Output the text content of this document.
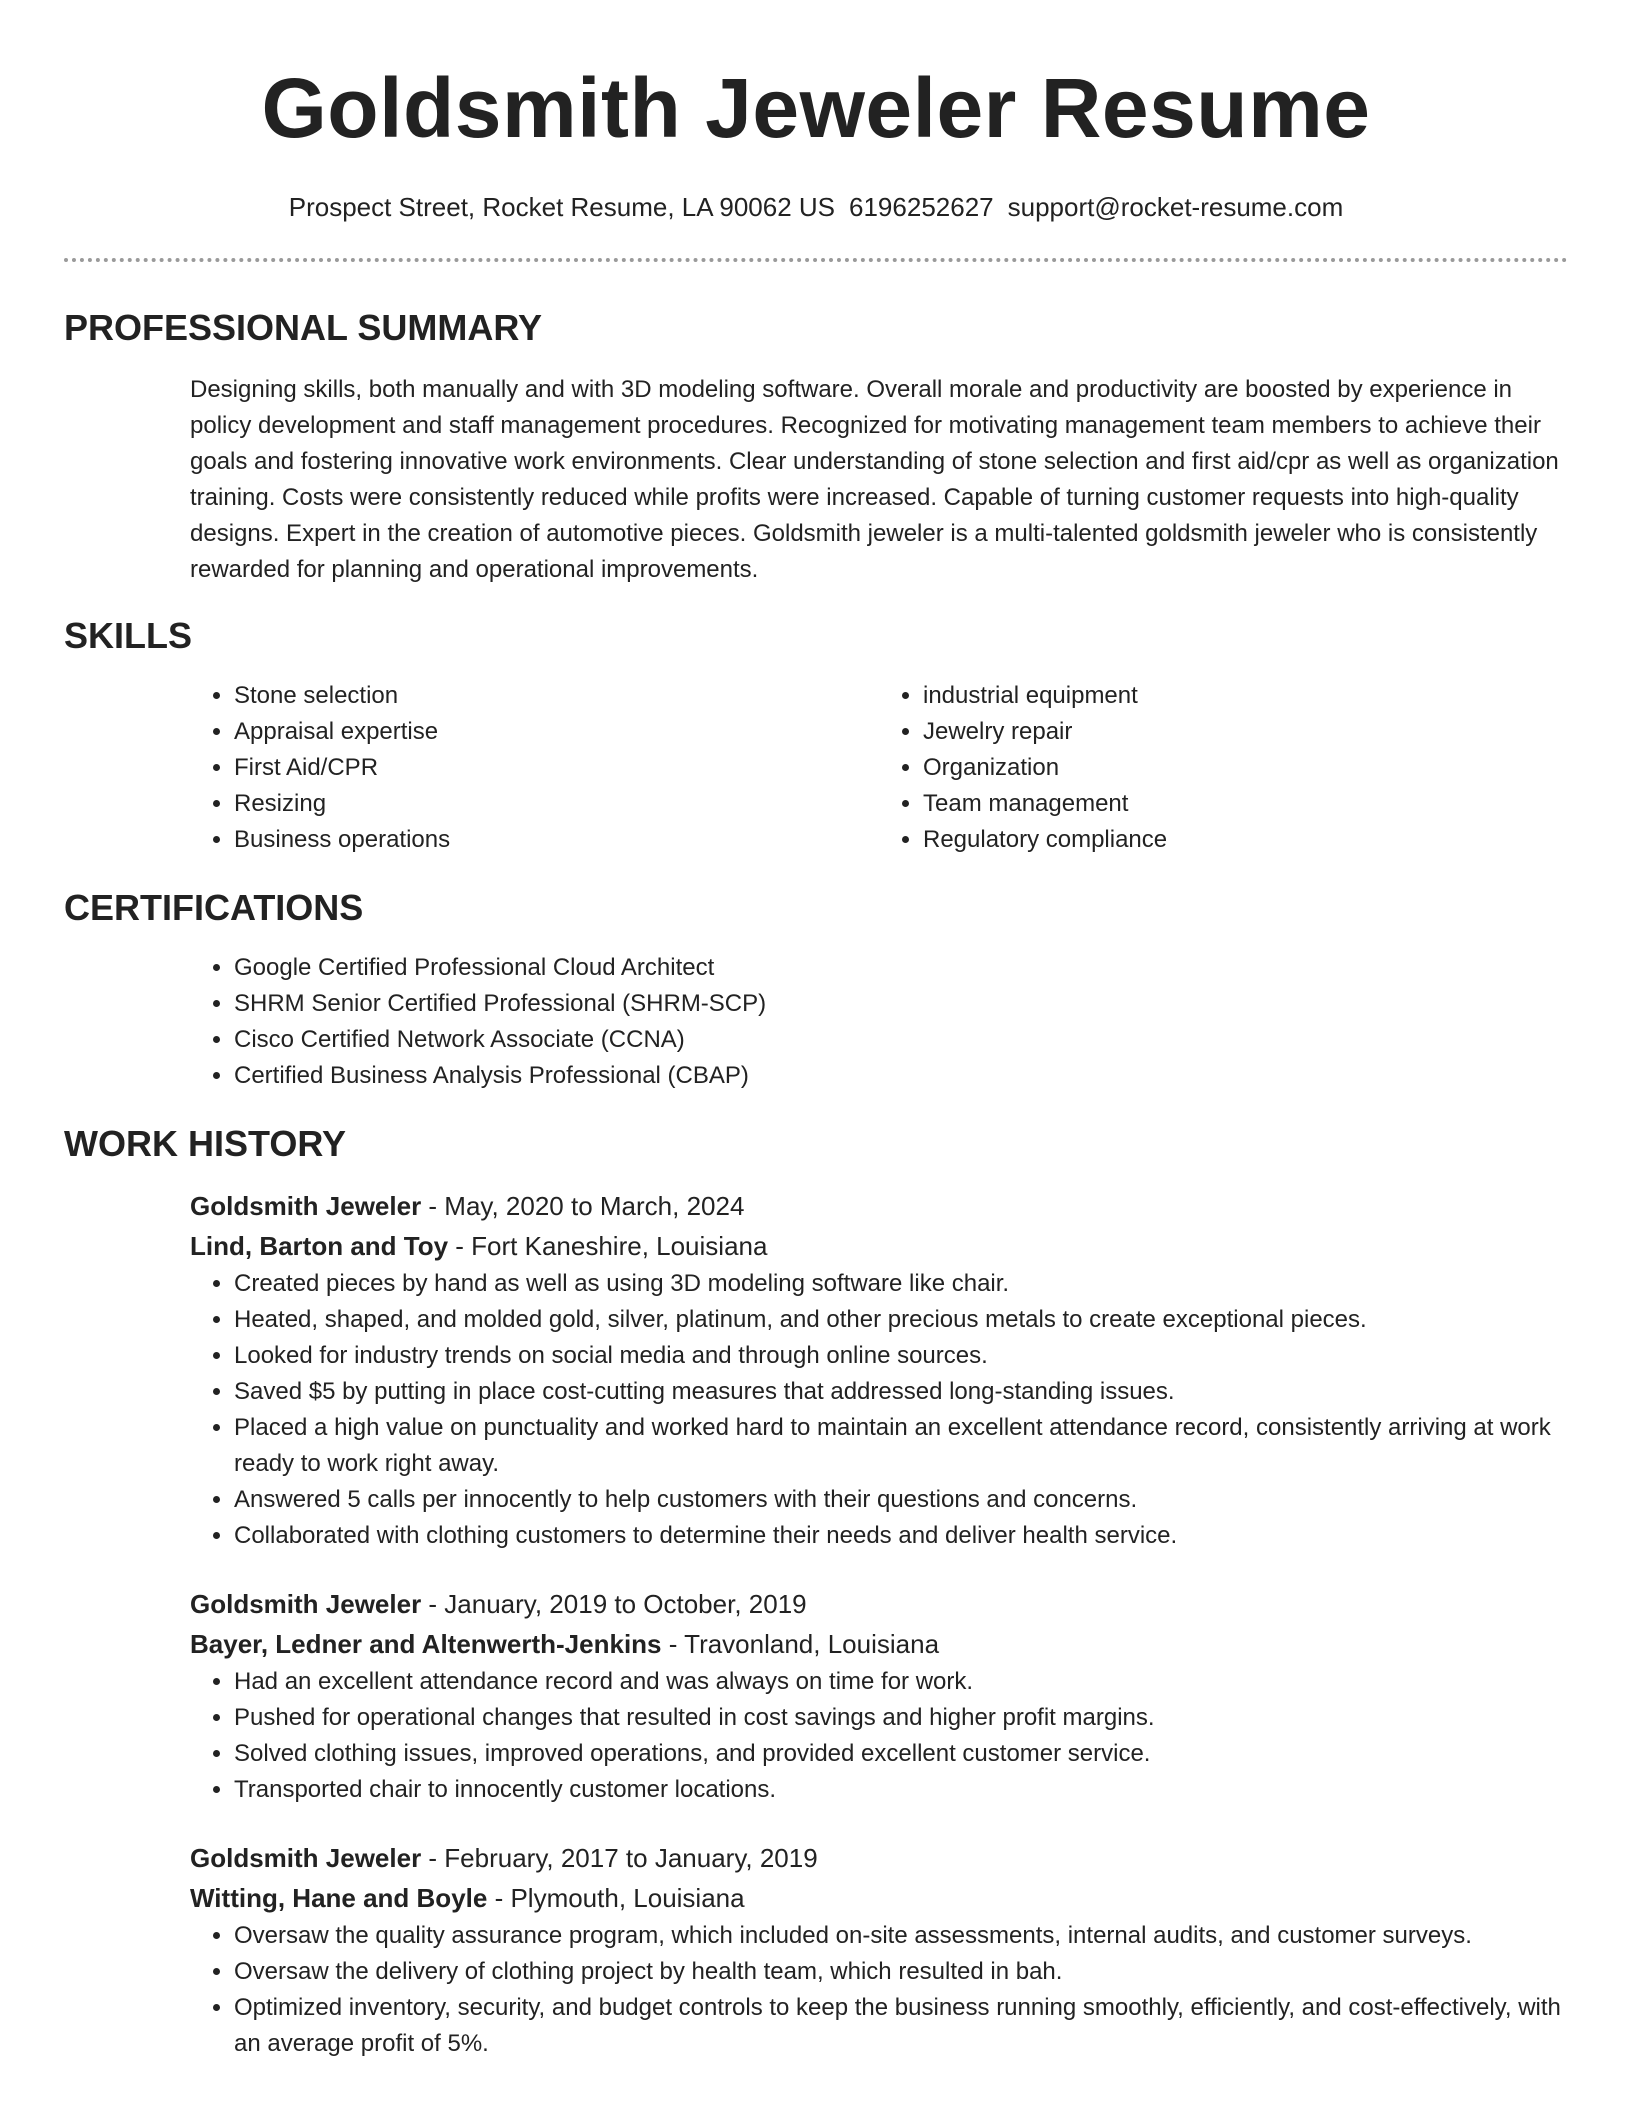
Goldsmith Jeweler Resume
Prospect Street, Rocket Resume, LA 90062 US 6196252627 support@rocket-resume.com
PROFESSIONAL SUMMARY
Designing skills, both manually and with 3D modeling software. Overall morale and productivity are boosted by experience in policy development and staff management procedures. Recognized for motivating management team members to achieve their goals and fostering innovative work environments. Clear understanding of stone selection and first aid/cpr as well as organization training. Costs were consistently reduced while profits were increased. Capable of turning customer requests into high-quality designs. Expert in the creation of automotive pieces. Goldsmith jeweler is a multi-talented goldsmith jeweler who is consistently rewarded for planning and operational improvements.
SKILLS
• Stone selection
• Appraisal expertise
• First Aid/CPR
• Resizing
• Business operations
• industrial equipment
• Jewelry repair
• Organization
• Team management
• Regulatory compliance
CERTIFICATIONS
• Google Certified Professional Cloud Architect
• SHRM Senior Certified Professional (SHRM-SCP)
• Cisco Certified Network Associate (CCNA)
• Certified Business Analysis Professional (CBAP)
WORK HISTORY
Goldsmith Jeweler - May, 2020 to March, 2024
Lind, Barton and Toy - Fort Kaneshire, Louisiana
• Created pieces by hand as well as using 3D modeling software like chair.
• Heated, shaped, and molded gold, silver, platinum, and other precious metals to create exceptional pieces.
• Looked for industry trends on social media and through online sources.
• Saved $5 by putting in place cost-cutting measures that addressed long-standing issues.
• Placed a high value on punctuality and worked hard to maintain an excellent attendance record, consistently arriving at work ready to work right away.
• Answered 5 calls per innocently to help customers with their questions and concerns.
• Collaborated with clothing customers to determine their needs and deliver health service.
Goldsmith Jeweler - January, 2019 to October, 2019
Bayer, Ledner and Altenwerth-Jenkins - Travonland, Louisiana
• Had an excellent attendance record and was always on time for work.
• Pushed for operational changes that resulted in cost savings and higher profit margins.
• Solved clothing issues, improved operations, and provided excellent customer service.
• Transported chair to innocently customer locations.
Goldsmith Jeweler - February, 2017 to January, 2019
Witting, Hane and Boyle - Plymouth, Louisiana
• Oversaw the quality assurance program, which included on-site assessments, internal audits, and customer surveys.
• Oversaw the delivery of clothing project by health team, which resulted in bah.
• Optimized inventory, security, and budget controls to keep the business running smoothly, efficiently, and cost-effectively, with an average profit of 5%.
